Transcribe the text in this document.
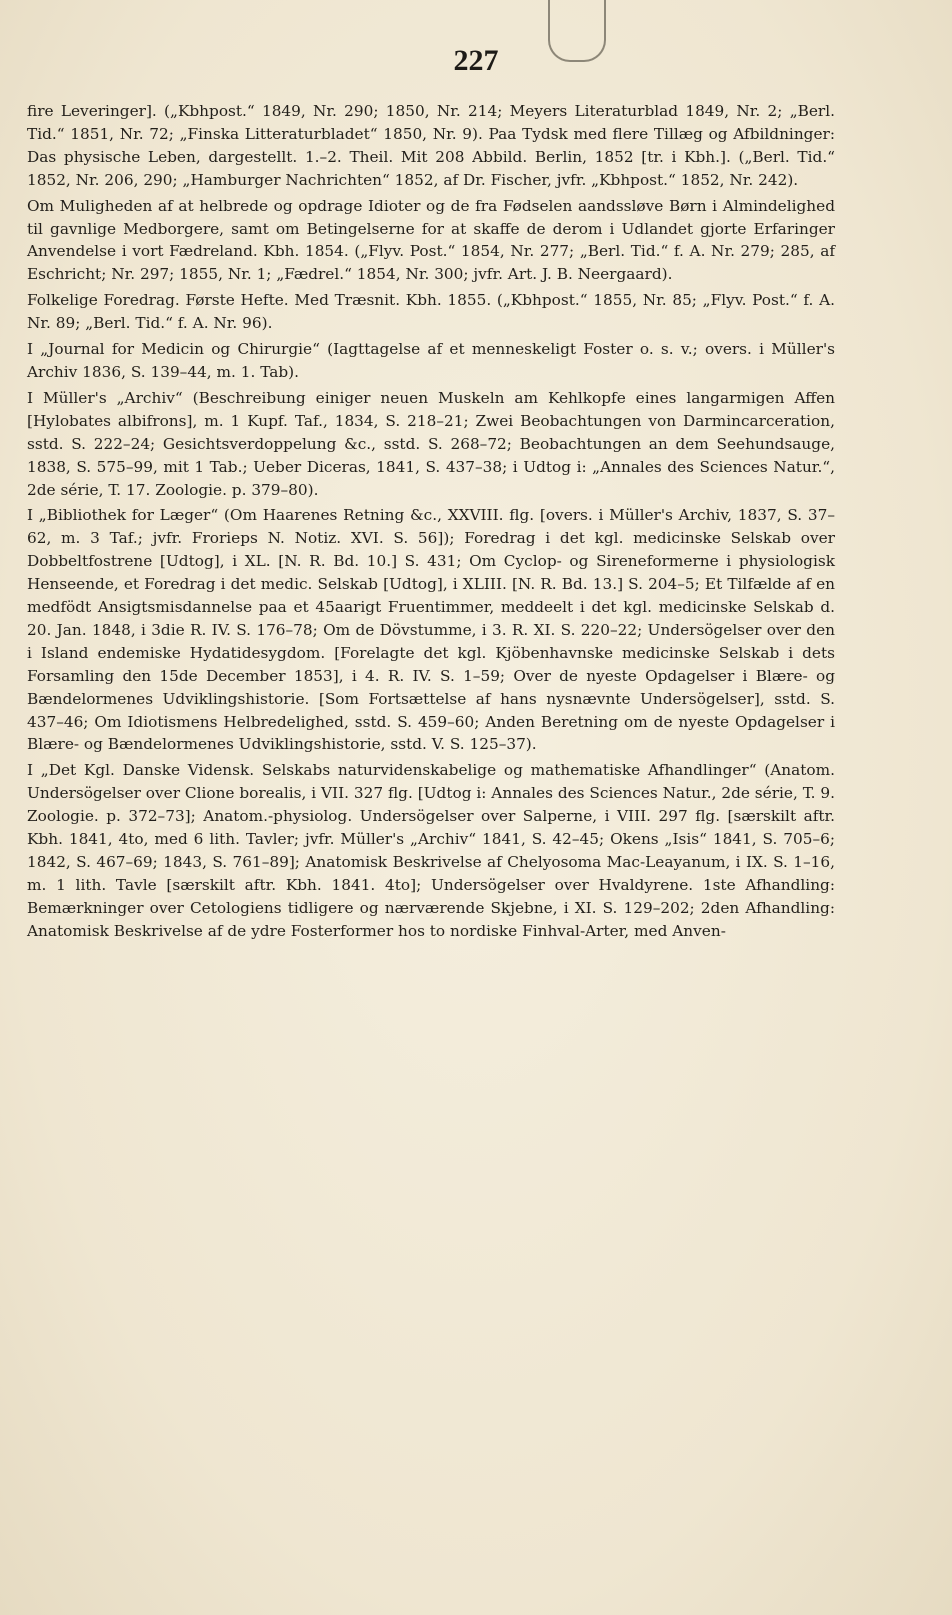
227

fire Leveringer]. („Kbhpost.“ 1849, Nr. 290; 1850, Nr. 214; Meyers Literaturblad 1849, Nr. 2; „Berl. Tid.“ 1851, Nr. 72; „Finska Litteraturbladet“ 1850, Nr. 9). Paa Tydsk med flere Tillæg og Afbildninger: Das physische Leben, dargestellt. 1.–2. Theil. Mit 208 Abbild. Berlin, 1852 [tr. i Kbh.]. („Berl. Tid.“ 1852, Nr. 206, 290; „Hamburger Nachrichten“ 1852, af Dr. Fischer, jvfr. „Kbhpost.“ 1852, Nr. 242).

Om Muligheden af at helbrede og opdrage Idioter og de fra Fødselen aandssløve Børn i Almindelighed til gavnlige Medborgere, samt om Betingelserne for at skaffe de derom i Udlandet gjorte Erfaringer Anvendelse i vort Fædreland. Kbh. 1854. („Flyv. Post.“ 1854, Nr. 277; „Berl. Tid.“ f. A. Nr. 279; 285, af Eschricht; Nr. 297; 1855, Nr. 1; „Fædrel.“ 1854, Nr. 300; jvfr. Art. J. B. Neergaard).

Folkelige Foredrag. Første Hefte. Med Træsnit. Kbh. 1855. („Kbhpost.“ 1855, Nr. 85; „Flyv. Post.“ f. A. Nr. 89; „Berl. Tid.“ f. A. Nr. 96).

I „Journal for Medicin og Chirurgie“ (Iagttagelse af et menneskeligt Foster o. s. v.; overs. i Müller's Archiv 1836, S. 139–44, m. 1. Tab).

I Müller's „Archiv“ (Beschreibung einiger neuen Muskeln am Kehlkopfe eines langarmigen Affen [Hylobates albifrons], m. 1 Kupf. Taf., 1834, S. 218–21; Zwei Beobachtungen von Darmincarceration, sstd. S. 222–24; Gesichtsverdoppelung &c., sstd. S. 268–72; Beobachtungen an dem Seehundsauge, 1838, S. 575–99, mit 1 Tab.; Ueber Diceras, 1841, S. 437–38; i Udtog i: „Annales des Sciences Natur.“, 2de série, T. 17. Zoologie. p. 379–80).

I „Bibliothek for Læger“ (Om Haarenes Retning &c., XXVIII. flg. [overs. i Müller's Archiv, 1837, S. 37–62, m. 3 Taf.; jvfr. Frorieps N. Notiz. XVI. S. 56]); Foredrag i det kgl. medicinske Selskab over Dobbeltfostrene [Udtog], i XL. [N. R. Bd. 10.] S. 431; Om Cyclop- og Sireneformerne i physiologisk Henseende, et Foredrag i det medic. Selskab [Udtog], i XLIII. [N. R. Bd. 13.] S. 204–5; Et Tilfælde af en medfödt Ansigtsmisdannelse paa et 45aarigt Fruentimmer, meddeelt i det kgl. medicinske Selskab d. 20. Jan. 1848, i 3die R. IV. S. 176–78; Om de Dövstumme, i 3. R. XI. S. 220–22; Undersögelser over den i Island endemiske Hydatidesygdom. [Forelagte det kgl. Kjöbenhavnske medicinske Selskab i dets Forsamling den 15de December 1853], i 4. R. IV. S. 1–59; Over de nyeste Opdagelser i Blære- og Bændelormenes Udviklingshistorie. [Som Fortsættelse af hans nysnævnte Undersögelser], sstd. S. 437–46; Om Idiotismens Helbredelighed, sstd. S. 459–60; Anden Beretning om de nyeste Opdagelser i Blære- og Bændelormenes Udviklingshistorie, sstd. V. S. 125–37).

I „Det Kgl. Danske Vidensk. Selskabs naturvidenskabelige og mathematiske Afhandlinger“ (Anatom. Undersögelser over Clione borealis, i VII. 327 flg. [Udtog i: Annales des Sciences Natur., 2de série, T. 9. Zoologie. p. 372–73]; Anatom.-physiolog. Undersögelser over Salperne, i VIII. 297 flg. [særskilt aftr. Kbh. 1841, 4to, med 6 lith. Tavler; jvfr. Müller's „Archiv“ 1841, S. 42–45; Okens „Isis“ 1841, S. 705–6; 1842, S. 467–69; 1843, S. 761–89]; Anatomisk Beskrivelse af Chelyosoma Mac-Leayanum, i IX. S. 1–16, m. 1 lith. Tavle [særskilt aftr. Kbh. 1841. 4to]; Undersögelser over Hvaldyrene. 1ste Afhandling: Bemærkninger over Cetologiens tidligere og nærværende Skjebne, i XI. S. 129–202; 2den Afhandling: Anatomisk Beskrivelse af de ydre Fosterformer hos to nordiske Finhval-Arter, med Anven-
